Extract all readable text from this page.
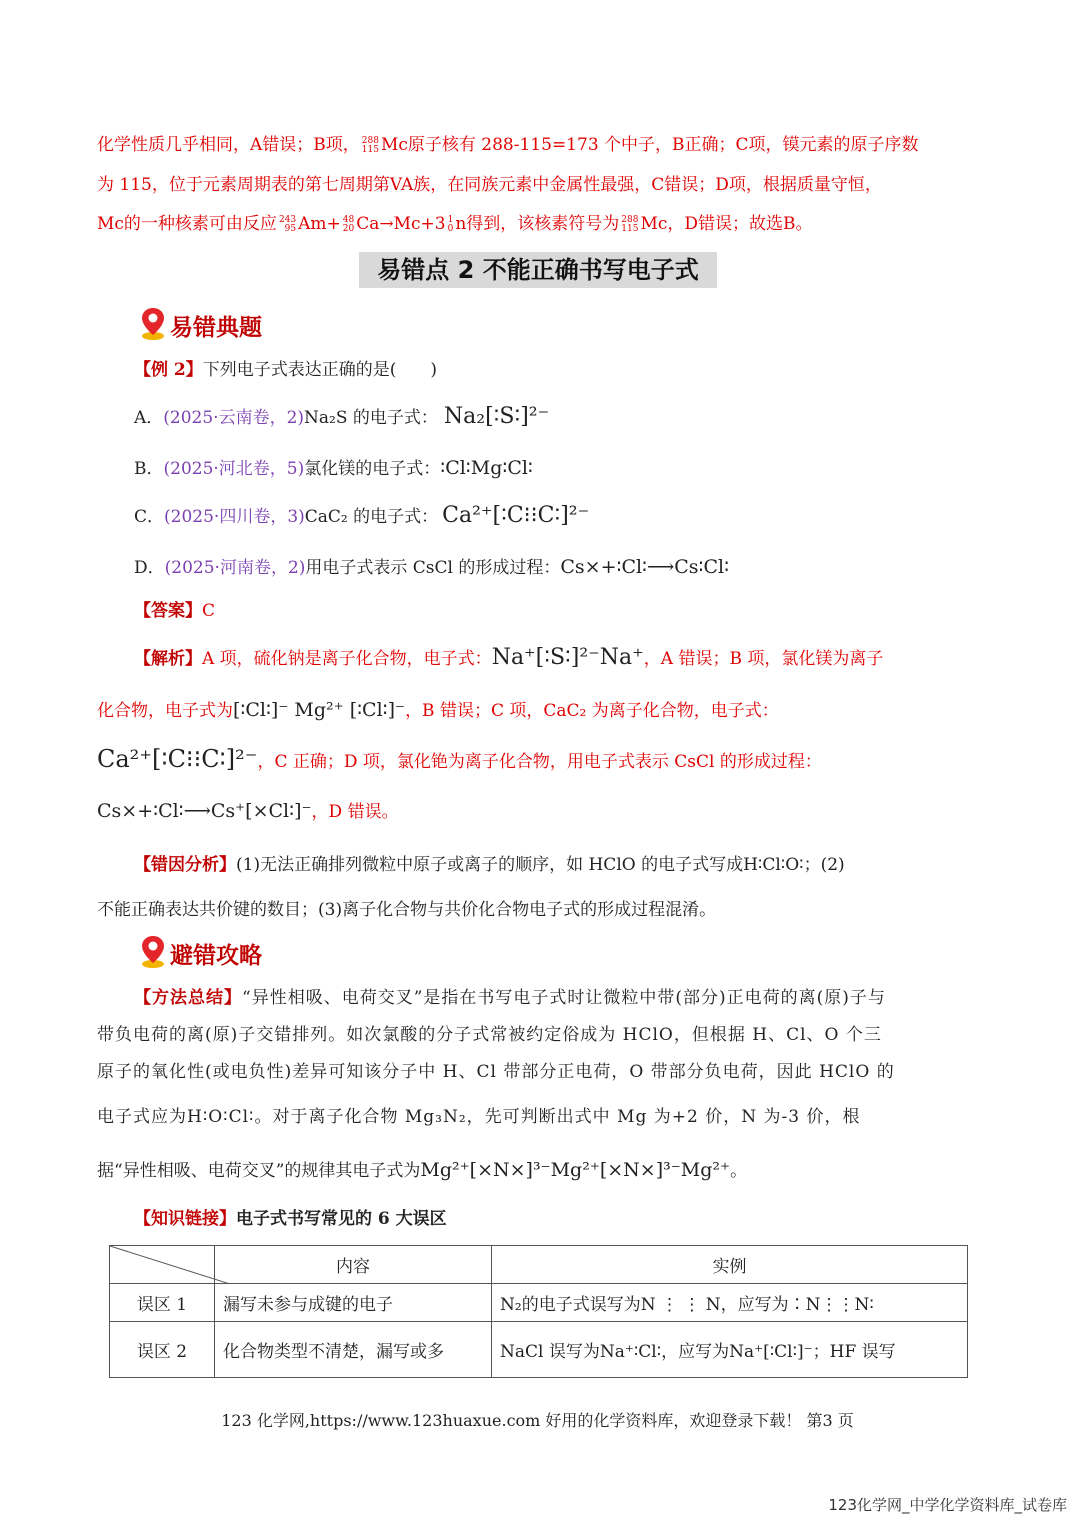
化学性质几乎相同，A错误；B项， 288
115 Mc原子核有 288-115=173 个中子，B正确；C项，镆元素的原子序数
为 115，位于元素周期表的第七周期第VA族，在同族元素中金属性最强，C错误；D项，根据质量守恒，
Mc的一种核素可由反应 243
95 Am+ 48
20 Ca→Mc+3 1
0 n得到，该核素符号为 288
115 Mc，D错误；故选B。
易错点 2 不能正确书写电子式
易错典题
【例 2】下列电子式表达正确的是(　　)
A．(2025·云南卷，2)Na₂S 的电子式： Na₂[∶S∶]²⁻
B．(2025·河北卷，5)氯化镁的电子式：∶Cl∶Mg∶Cl∶
C．(2025·四川卷，3)CaC₂ 的电子式： Ca²⁺[∶C⁝⁝C∶]²⁻
D．(2025·河南卷，2)用电子式表示 CsCl 的形成过程：Cs×+∶Cl∶⟶Cs∶Cl∶
【答案】C
【解析】A 项，硫化钠是离子化合物，电子式：Na⁺[∶S∶]²⁻Na⁺，A 错误；B 项，氯化镁为离子
化合物，电子式为[∶Cl∶]⁻ Mg²⁺ [∶Cl∶]⁻，B 错误；C 项，CaC₂ 为离子化合物，电子式：
Ca²⁺[∶C⁝⁝C∶]²⁻，C 正确；D 项，氯化铯为离子化合物，用电子式表示 CsCl 的形成过程：
Cs×+∶Cl∶⟶Cs⁺[×Cl∶]⁻，D 错误。
【错因分析】(1)无法正确排列微粒中原子或离子的顺序，如 HClO 的电子式写成H∶Cl∶O∶；(2)
不能正确表达共价键的数目；(3)离子化合物与共价化合物电子式的形成过程混淆。
避错攻略
【方法总结】“异性相吸、电荷交叉”是指在书写电子式时让微粒中带(部分)正电荷的离(原)子与
带负电荷的离(原)子交错排列。如次氯酸的分子式常被约定俗成为 HClO，但根据 H、Cl、O 个三
原子的氧化性(或电负性)差异可知该分子中 H、Cl 带部分正电荷，O 带部分负电荷，因此 HClO 的
电子式应为H∶O∶Cl∶。对于离子化合物 Mg₃N₂，先可判断出式中 Mg 为+2 价，N 为-3 价，根
据“异性相吸、电荷交叉”的规律其电子式为Mg²⁺[×N×]³⁻Mg²⁺[×N×]³⁻Mg²⁺。
【知识链接】电子式书写常见的 6 大误区
	内容	实例
误区 1	漏写未参与成键的电子	N₂的电子式误写为N ⋮ ⋮ N，应写为∶N⋮⋮N∶
误区 2	化合物类型不清楚，漏写或多	NaCl 误写为Na⁺∶Cl∶，应写为Na⁺[∶Cl∶]⁻；HF 误写
123 化学网,https://www.123huaxue.com 好用的化学资料库，欢迎登录下载！ 第3 页
123化学网_中学化学资料库_试卷库
